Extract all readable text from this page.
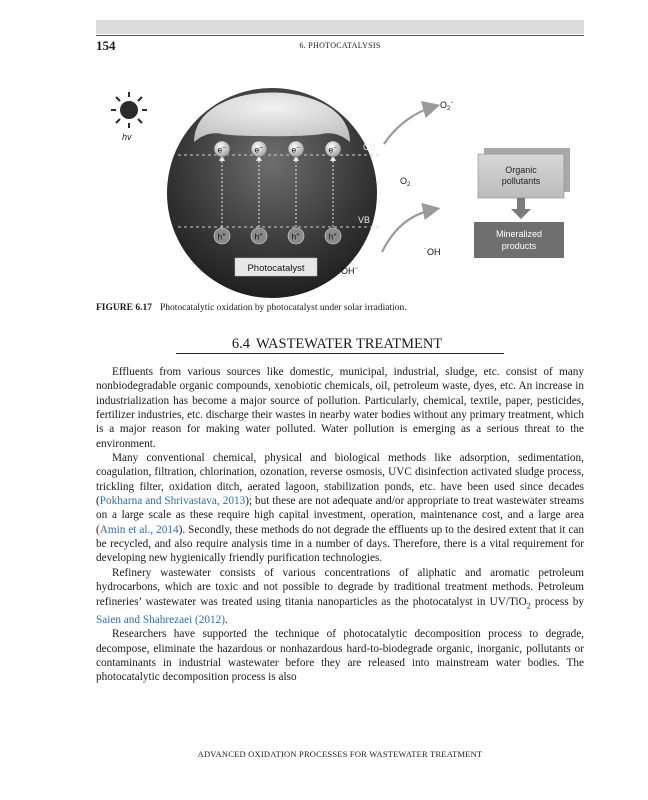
154	6. PHOTOCATALYSIS
hv
CB
VB
e−	e−	e−	e−
h+	h+	h+	h+
Photocatalyst
$O_2^-$
$O_2$
˙OH
OH−
Organic
pollutants
Mineralized
products
FIGURE 6.17 Photocatalytic oxidation by photocatalyst under solar irradiation.
6.4 WASTEWATER TREATMENT

Effluents from various sources like domestic, municipal, industrial, sludge, etc. consist of many nonbiodegradable organic compounds, xenobiotic chemicals, oil, petroleum waste, dyes, etc. An increase in industrialization has become a major source of pollution. Particularly, chemical, textile, paper, pesticides, fertilizer industries, etc. discharge their wastes in nearby water bodies without any primary treatment, which is a major reason for making water polluted. Water pollution is emerging as a serious threat to the environment.

Many conventional chemical, physical and biological methods like adsorption, sedimentation, coagulation, filtration, chlorination, ozonation, reverse osmosis, UVC disinfection activated sludge process, trickling filter, oxidation ditch, aerated lagoon, stabilization ponds, etc. have been used since decades (Pokharna and Shrivastava, 2013); but these are not adequate and/or appropriate to treat wastewater streams on a large scale as these require high capital investment, operation, maintenance cost, and a large area (Amin et al., 2014). Secondly, these methods do not degrade the effluents up to the desired extent that it can be recycled, and also require analysis time in a number of days. Therefore, there is a vital requirement for developing new hygienically friendly purification technologies.

Refinery wastewater consists of various concentrations of aliphatic and aromatic petroleum hydrocarbons, which are toxic and not possible to degrade by traditional treatment methods. Petroleum refineries’ wastewater was treated using titania nanoparticles as the photocatalyst in UV/TiO$_2$ process by Saien and Shahrezaei (2012).

Researchers have supported the technique of photocatalytic decomposition process to degrade, decompose, eliminate the hazardous or nonhazardous hard-to-biodegrade organic, inorganic, pollutants or contaminants in industrial wastewater before they are released into mainstream water bodies. The photocatalytic decomposition process is also

ADVANCED OXIDATION PROCESSES FOR WASTEWATER TREATMENT
